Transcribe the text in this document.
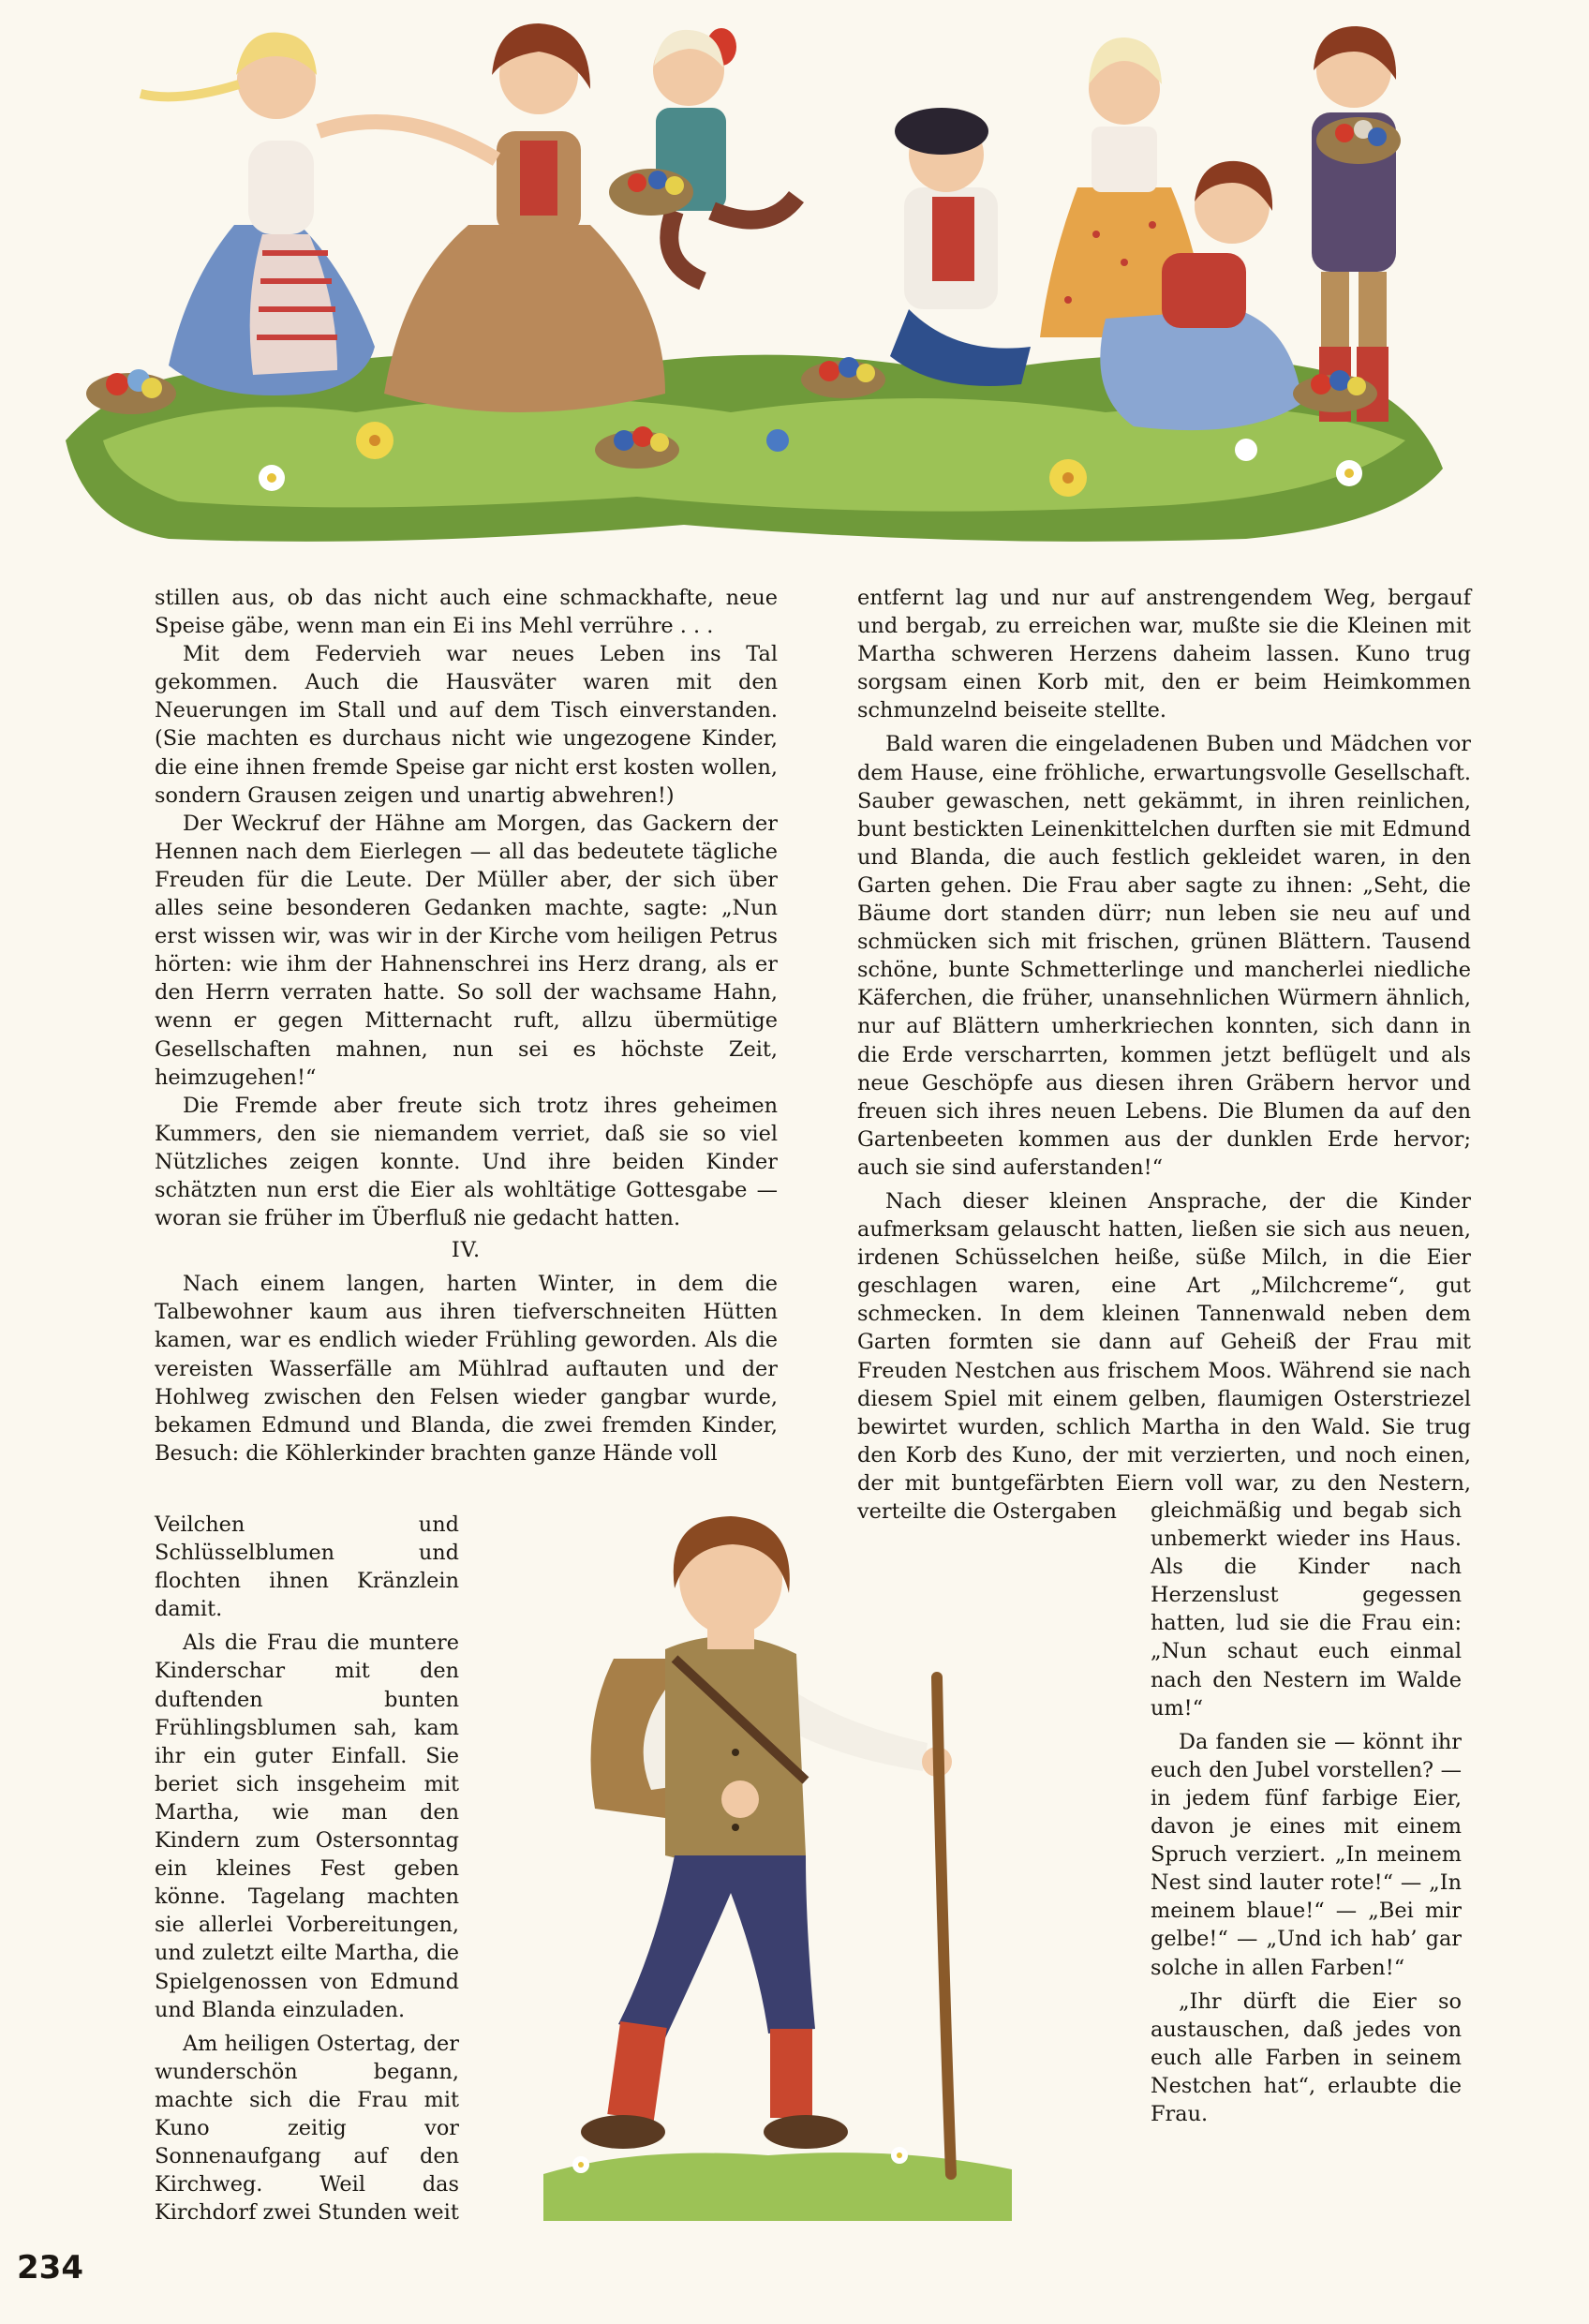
stillen aus, ob das nicht auch eine schmackhafte, neue Speise gäbe, wenn man ein Ei ins Mehl verrühre . . .

Mit dem Federvieh war neues Leben ins Tal gekommen. Auch die Hausväter waren mit den Neuerungen im Stall und auf dem Tisch einverstanden. (Sie machten es durchaus nicht wie ungezogene Kinder, die eine ihnen fremde Speise gar nicht erst kosten wollen, sondern Grausen zeigen und unartig abwehren!)

Der Weckruf der Hähne am Morgen, das Gackern der Hennen nach dem Eierlegen — all das bedeutete tägliche Freuden für die Leute. Der Müller aber, der sich über alles seine besonderen Gedanken machte, sagte: „Nun erst wissen wir, was wir in der Kirche vom heiligen Petrus hörten: wie ihm der Hahnenschrei ins Herz drang, als er den Herrn verraten hatte. So soll der wachsame Hahn, wenn er gegen Mitternacht ruft, allzu übermütige Gesellschaften mahnen, nun sei es höchste Zeit, heimzugehen!“

Die Fremde aber freute sich trotz ihres geheimen Kummers, den sie niemandem verriet, daß sie so viel Nützliches zeigen konnte. Und ihre beiden Kinder schätzten nun erst die Eier als wohltätige Gottesgabe — woran sie früher im Überfluß nie gedacht hatten.

IV.

Nach einem langen, harten Winter, in dem die Talbewohner kaum aus ihren tiefverschneiten Hütten kamen, war es endlich wieder Frühling geworden. Als die vereisten Wasserfälle am Mühlrad auftauten und der Hohlweg zwischen den Felsen wieder gangbar wurde, bekamen Edmund und Blanda, die zwei fremden Kinder, Besuch: die Köhlerkinder brachten ganze Hände voll

Veilchen und Schlüsselblumen und flochten ihnen Kränzlein damit.

Als die Frau die muntere Kinderschar mit den duftenden bunten Frühlingsblumen sah, kam ihr ein guter Einfall. Sie beriet sich insgeheim mit Martha, wie man den Kindern zum Ostersonntag ein kleines Fest geben könne. Tagelang machten sie allerlei Vorbereitungen, und zuletzt eilte Martha, die Spielgenossen von Edmund und Blanda einzuladen.

Am heiligen Ostertag, der wunderschön begann, machte sich die Frau mit Kuno zeitig vor Sonnenaufgang auf den Kirchweg. Weil das Kirchdorf zwei Stunden weit

entfernt lag und nur auf anstrengendem Weg, bergauf und bergab, zu erreichen war, mußte sie die Kleinen mit Martha schweren Herzens daheim lassen. Kuno trug sorgsam einen Korb mit, den er beim Heimkommen schmunzelnd beiseite stellte.

Bald waren die eingeladenen Buben und Mädchen vor dem Hause, eine fröhliche, erwartungsvolle Gesellschaft. Sauber gewaschen, nett gekämmt, in ihren reinlichen, bunt bestickten Leinenkittelchen durften sie mit Edmund und Blanda, die auch festlich gekleidet waren, in den Garten gehen. Die Frau aber sagte zu ihnen: „Seht, die Bäume dort standen dürr; nun leben sie neu auf und schmücken sich mit frischen, grünen Blättern. Tausend schöne, bunte Schmetterlinge und mancherlei niedliche Käferchen, die früher, unansehnlichen Würmern ähnlich, nur auf Blättern umherkriechen konnten, sich dann in die Erde verscharrten, kommen jetzt beflügelt und als neue Geschöpfe aus diesen ihren Gräbern hervor und freuen sich ihres neuen Lebens. Die Blumen da auf den Gartenbeeten kommen aus der dunklen Erde hervor; auch sie sind auferstanden!“

Nach dieser kleinen Ansprache, der die Kinder aufmerksam gelauscht hatten, ließen sie sich aus neuen, irdenen Schüsselchen heiße, süße Milch, in die Eier geschlagen waren, eine Art „Milchcreme“, gut schmecken. In dem kleinen Tannenwald neben dem Garten formten sie dann auf Geheiß der Frau mit Freuden Nestchen aus frischem Moos. Während sie nach diesem Spiel mit einem gelben, flaumigen Osterstriezel bewirtet wurden, schlich Martha in den Wald. Sie trug den Korb des Kuno, der mit verzierten, und noch einen, der mit buntgefärbten Eiern voll war, zu den Nestern, verteilte die Ostergaben	gleichmäßig und begab sich unbemerkt wieder ins Haus. Als die Kinder nach Herzenslust gegessen hatten, lud sie die Frau ein: „Nun schaut euch einmal nach den Nestern im Walde um!“

Da fanden sie — könnt ihr euch den Jubel vorstellen? — in jedem fünf farbige Eier, davon je eines mit einem Spruch verziert. „In meinem Nest sind lauter rote!“ — „In meinem blaue!“ — „Bei mir gelbe!“ — „Und ich hab’ gar solche in allen Farben!“

„Ihr dürft die Eier so austauschen, daß jedes von euch alle Farben in seinem Nestchen hat“, erlaubte die Frau.

234
